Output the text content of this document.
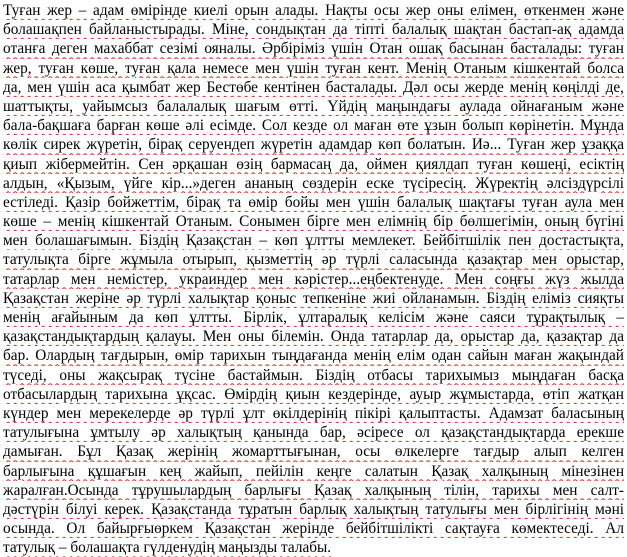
Туған жер – адам өмірінде киелі орын алады. Нақты осы жер оны елімен, өткенмен және
болашақпен байланыстырады. Міне, сондықтан да тіпті балалық шақтан бастап-ақ адамда
отанға деген махаббат сезімі ояналы. Әрбіріміз үшін Отан ошақ басынан басталады: туған
жер, туған көше, туған қала немесе мен үшін туған кент. Менің Отаным кішкентай болса
да, мен үшін аса қымбат жер Бестөбе кентінен басталады. Дәл осы жерде менің көңілді де,
шаттықты, уайымсыз балалалық шағым өтті. Үйдің маңындағы аулада ойнағаным және
бала-бақшаға барған көше әлі есімде. Сол кезде ол маған өте ұзын болып көрінетін. Мұнда
көлік сирек жүретін, бірақ серуендеп жүретін адамдар көп болатын. Иә... Туған жер ұзаққа
қиып жібермейтін. Сен әрқашан өзің бармасаң да, оймен қиялдап туған көшеңі, есіктің
алдын, «Қызым, үйге кір...»деген ананың сөздерін еске түсіресің. Жүректің әлсіздүрсілі
естіледі. Қазір бойжеттім, бірақ та өмір бойы мен үшін балалық шақтағы туған аула мен
көше – менің кішкентай Отаным. Сонымен бірге мен елімнің бір бөлшегімін, оның бүгіні
мен болашағымын. Біздің Қазақстан – көп ұлтты мемлекет. Бейбітшілік пен достастықта,
татулықта бірге жұмыла отырып, қызметтің әр түрлі саласында қазақтар мен орыстар,
татарлар мен немістер, украиндер мен кәрістер...еңбектенуде. Мен соңғы жүз жылда
Қазақстан жеріне әр түрлі халықтар қоныс тепкеніне жиі ойланамын. Біздің еліміз сияқты
менің ағайыным да көп ұлтты. Бірлік, ұлтаралық келісім және саяси тұрақтылық –
қазақстандықтардың қалауы. Мен оны білемін. Онда татарлар да, орыстар да, қазақтар да
бар. Олардың тағдырын, өмір тарихын тыңдағанда менің елім одан сайын маған жақындай
түседі, оны жақсырақ түсіне бастаймын. Біздің отбасы тарихымыз мыңдаған басқа
отбасылардың тарихына ұқсас. Өмірдің қиын кездерінде, ауыр жұмыстарда, өтіп жатқан
күндер мен мерекелерде әр түрлі ұлт өкілдерінің пікірі қалыптасты. Адамзат баласының
татулығына ұмтылу әр халықтың қанында бар, әсіресе ол қазақстандықтарда ерекше
дамыған. Бұл Қазақ жерінің жомарттығынан, осы өлкелерге тағдыр алып келген
барлығына құшағын кең жайып, пейілін кеңге салатын Қазақ халқының мінезінен
жаралған.Осында тұрушылардың барлығы Қазақ халқының тілін, тарихы мен салт-
дәстүрін білуі керек. Қазақстанда тұратын барлық халықтың татулығы мен бірлігінің мәні
осында. Ол байырғыөркем Қазақстан жерінде бейбітшілікті сақтауға көмектеседі. Ал
татулық – болашақта гүлденудің маңызды талабы.
